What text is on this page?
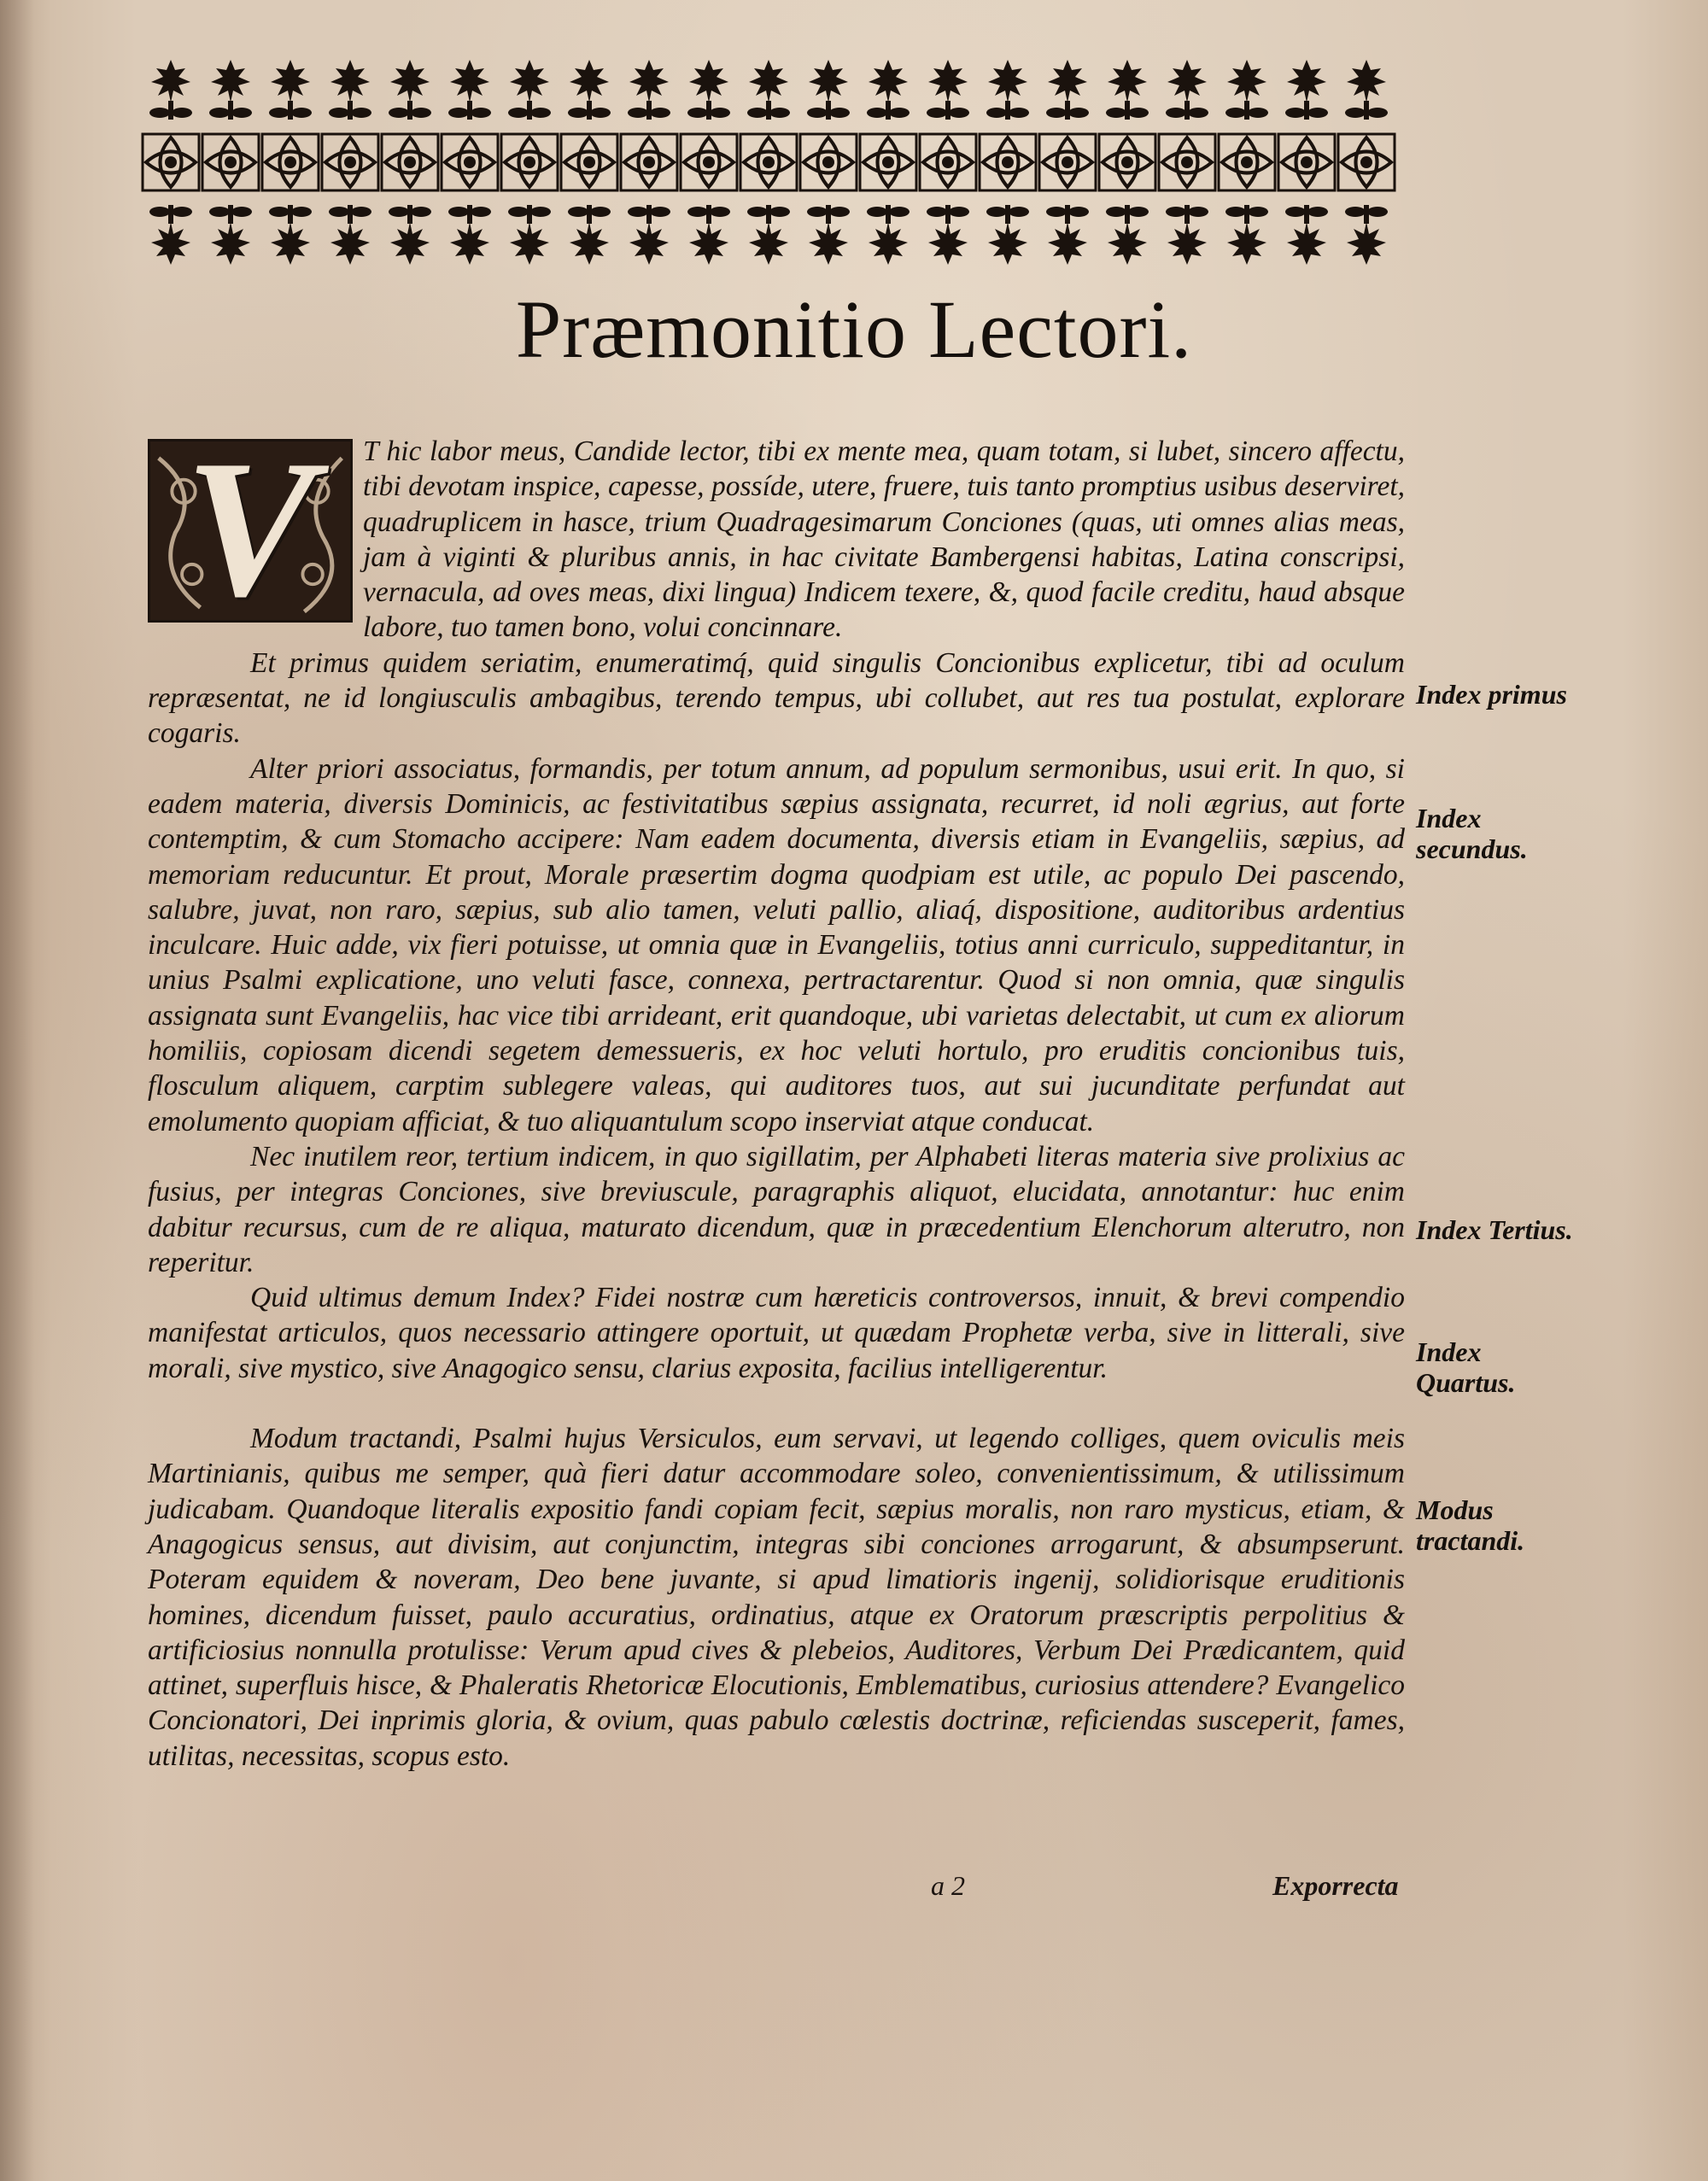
Præmonitio Lectori.

V	T hic labor meus, Candide lector, tibi ex mente mea, quam totam, si lubet, sincero affectu, tibi devotam inspice, capesse, possíde, utere, fruere, tuis tanto promptius usibus deserviret, quadruplicem in hasce, trium Quadragesimarum Conciones (quas, uti omnes alias meas, jam à viginti & pluribus annis, in hac civitate Bambergensi habitas, Latina conscripsi, vernacula, ad oves meas, dixi lingua) Indicem texere, &, quod facile creditu, haud absque labore, tuo tamen bono, volui concinnare.

Et primus quidem seriatim, enumeratimq́, quid singulis Concionibus explicetur, tibi ad oculum repræsentat, ne id longiusculis ambagibus, terendo tempus, ubi collubet, aut res tua postulat, explorare cogaris.

Alter priori associatus, formandis, per totum annum, ad populum sermonibus, usui erit. In quo, si eadem materia, diversis Dominicis, ac festivitatibus sæpius assignata, recurret, id noli ægrius, aut forte contemptim, & cum Stomacho accipere: Nam eadem documenta, diversis etiam in Evangeliis, sæpius, ad memoriam reducuntur. Et prout, Morale præsertim dogma quodpiam est utile, ac populo Dei pascendo, salubre, juvat, non raro, sæpius, sub alio tamen, veluti pallio, aliaq́, dispositione, auditoribus ardentius inculcare. Huic adde, vix fieri potuisse, ut omnia quæ in Evangeliis, totius anni curriculo, suppeditantur, in unius Psalmi explicatione, uno veluti fasce, connexa, pertractarentur. Quod si non omnia, quæ singulis assignata sunt Evangeliis, hac vice tibi arrideant, erit quandoque, ubi varietas delectabit, ut cum ex aliorum homiliis, copiosam dicendi segetem demessueris, ex hoc veluti hortulo, pro eruditis concionibus tuis, flosculum aliquem, carptim sublegere valeas, qui auditores tuos, aut sui jucunditate perfundat aut emolumento quopiam afficiat, & tuo aliquantulum scopo inserviat atque conducat.

Nec inutilem reor, tertium indicem, in quo sigillatim, per Alphabeti literas materia sive prolixius ac fusius, per integras Conciones, sive breviuscule, paragraphis aliquot, elucidata, annotantur: huc enim dabitur recursus, cum de re aliqua, maturato dicendum, quæ in præcedentium Elenchorum alterutro, non reperitur.

Quid ultimus demum Index? Fidei nostræ cum hæreticis controversos, innuit, & brevi compendio manifestat articulos, quos necessario attingere oportuit, ut quædam Prophetæ verba, sive in litterali, sive morali, sive mystico, sive Anagogico sensu, clarius exposita, facilius intelligerentur.

Modum tractandi, Psalmi hujus Versiculos, eum servavi, ut legendo colliges, quem oviculis meis Martinianis, quibus me semper, quà fieri datur accommodare soleo, convenientissimum, & utilissimum judicabam. Quandoque literalis expositio fandi copiam fecit, sæpius moralis, non raro mysticus, etiam, & Anagogicus sensus, aut divisim, aut conjunctim, integras sibi conciones arrogarunt, & absumpserunt. Poteram equidem & noveram, Deo bene juvante, si apud limatioris ingenij, solidiorisque eruditionis homines, dicendum fuisset, paulo accuratius, ordinatius, atque ex Oratorum præscriptis perpolitius & artificiosius nonnulla protulisse: Verum apud cives & plebeios, Auditores, Verbum Dei Prædicantem, quid attinet, superfluis hisce, & Phaleratis Rhetoricæ Elocutionis, Emblematibus, curiosius attendere? Evangelico Concionatori, Dei inprimis gloria, & ovium, quas pabulo cœlestis doctrinæ, reficiendas susceperit, fames, utilitas, necessitas, scopus esto.

Index primus
Index secundus.
Index Tertius.
Index Quartus.
Modus tractandi.
a 2	Exporrecta
